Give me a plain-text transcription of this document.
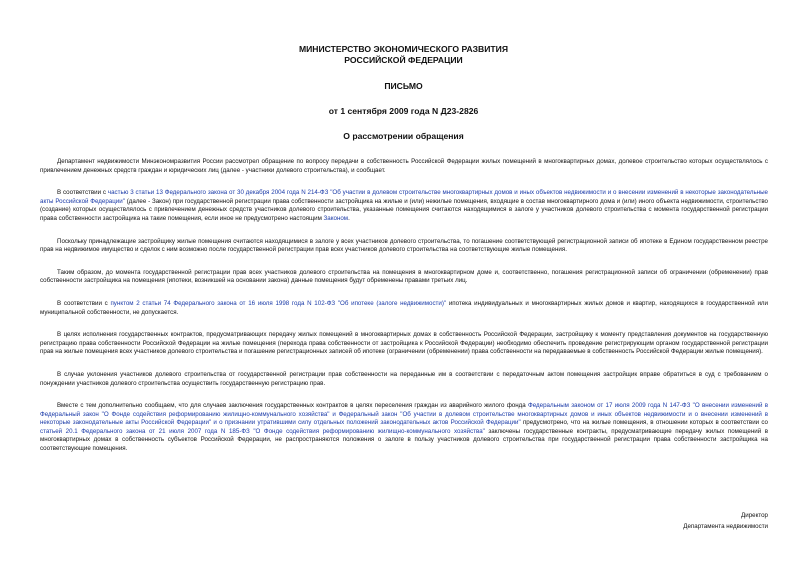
МИНИСТЕРСТВО ЭКОНОМИЧЕСКОГО РАЗВИТИЯ
РОССИЙСКОЙ ФЕДЕРАЦИИ
ПИСЬМО
от 1 сентября 2009 года N Д23-2826
О рассмотрении обращения

Департамент недвижимости Минэкономразвития России рассмотрел обращение по вопросу передачи в собственность Российской Федерации жилых помещений в многоквартирных домах, долевое строительство которых осуществлялось с привлечением денежных средств граждан и юридических лиц (далее - участники долевого строительства), и сообщает.

В соответствии с частью 3 статьи 13 Федерального закона от 30 декабря 2004 года N 214-ФЗ "Об участии в долевом строительстве многоквартирных домов и иных объектов недвижимости и о внесении изменений в некоторые законодательные акты Российской Федерации" (далее - Закон) при государственной регистрации права собственности застройщика на жилые и (или) нежилые помещения, входящие в состав многоквартирного дома и (или) иного объекта недвижимости, строительство (создание) которых осуществлялось с привлечением денежных средств участников долевого строительства, указанные помещения считаются находящимися в залоге у участников долевого строительства с момента государственной регистрации права собственности застройщика на такие помещения, если иное не предусмотрено настоящим Законом.

Поскольку принадлежащие застройщику жилые помещения считаются находящимися в залоге у всех участников долевого строительства, то погашение соответствующей регистрационной записи об ипотеке в Едином государственном реестре прав на недвижимое имущество и сделок с ним возможно после государственной регистрации прав всех участников долевого строительства на соответствующие жилые помещения.

Таким образом, до момента государственной регистрации прав всех участников долевого строительства на помещения в многоквартирном доме и, соответственно, погашения регистрационной записи об ограничении (обременении) прав собственности застройщика на помещения (ипотеки, возникшей на основании закона) данные помещения будут обременены правами третьих лиц.

В соответствии с пунктом 2 статьи 74 Федерального закона от 16 июля 1998 года N 102-ФЗ "Об ипотеке (залоге недвижимости)" ипотека индивидуальных и многоквартирных жилых домов и квартир, находящихся в государственной или муниципальной собственности, не допускается.

В целях исполнения государственных контрактов, предусматривающих передачу жилых помещений в многоквартирных домах в собственность Российской Федерации, застройщику к моменту представления документов на государственную регистрацию права собственности Российской Федерации на жилые помещения (перехода права собственности от застройщика к Российской Федерации) необходимо обеспечить проведение регистрирующим органом государственной регистрации прав на жилые помещения всех участников долевого строительства и погашение регистрационных записей об ипотеке (ограничении (обременении) права собственности на передаваемые в собственность Российской Федерации жилые помещения).

В случае уклонения участников долевого строительства от государственной регистрации прав собственности на переданные им в соответствии с передаточным актом помещения застройщик вправе обратиться в суд с требованием о понуждении участников долевого строительства осуществить государственную регистрацию прав.

Вместе с тем дополнительно сообщаем, что для случаев заключения государственных контрактов в целях переселения граждан из аварийного жилого фонда Федеральным законом от 17 июля 2009 года N 147-ФЗ "О внесении изменений в Федеральный закон "О Фонде содействия реформированию жилищно-коммунального хозяйства" и Федеральный закон "Об участии в долевом строительстве многоквартирных домов и иных объектов недвижимости и о внесении изменений в некоторые законодательные акты Российской Федерации" и о признании утратившими силу отдельных положений законодательных актов Российской Федерации" предусмотрено, что на жилые помещения, в отношении которых в соответствии со статьей 20.1 Федерального закона от 21 июля 2007 года N 185-ФЗ "О Фонде содействия реформированию жилищно-коммунального хозяйства" заключены государственные контракты, предусматривающие передачу жилых помещений в многоквартирных домах в собственность субъектов Российской Федерации, не распространяются положения о залоге в пользу участников долевого строительства при государственной регистрации права собственности застройщика на соответствующие помещения.

Директор
Департамента недвижимости
